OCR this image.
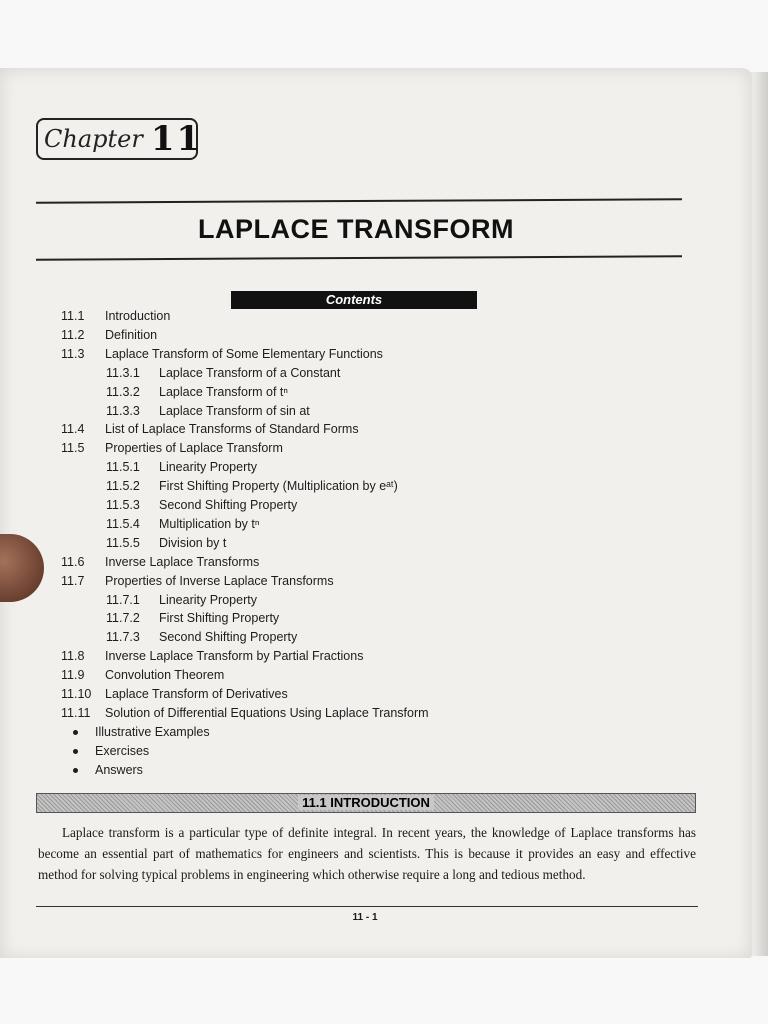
Chapter 11
LAPLACE TRANSFORM
Contents
11.1 Introduction
11.2 Definition
11.3 Laplace Transform of Some Elementary Functions
11.3.1 Laplace Transform of a Constant
11.3.2 Laplace Transform of tⁿ
11.3.3 Laplace Transform of sin at
11.4 List of Laplace Transforms of Standard Forms
11.5 Properties of Laplace Transform
11.5.1 Linearity Property
11.5.2 First Shifting Property (Multiplication by eᵃᵗ)
11.5.3 Second Shifting Property
11.5.4 Multiplication by tⁿ
11.5.5 Division by t
11.6 Inverse Laplace Transforms
11.7 Properties of Inverse Laplace Transforms
11.7.1 Linearity Property
11.7.2 First Shifting Property
11.7.3 Second Shifting Property
11.8 Inverse Laplace Transform by Partial Fractions
11.9 Convolution Theorem
11.10 Laplace Transform of Derivatives
11.11 Solution of Differential Equations Using Laplace Transform
Illustrative Examples
Exercises
Answers
11.1 INTRODUCTION
Laplace transform is a particular type of definite integral. In recent years, the knowledge of Laplace transforms has become an essential part of mathematics for engineers and scientists. This is because it provides an easy and effective method for solving typical problems in engineering which otherwise require a long and tedious method.
11 - 1
